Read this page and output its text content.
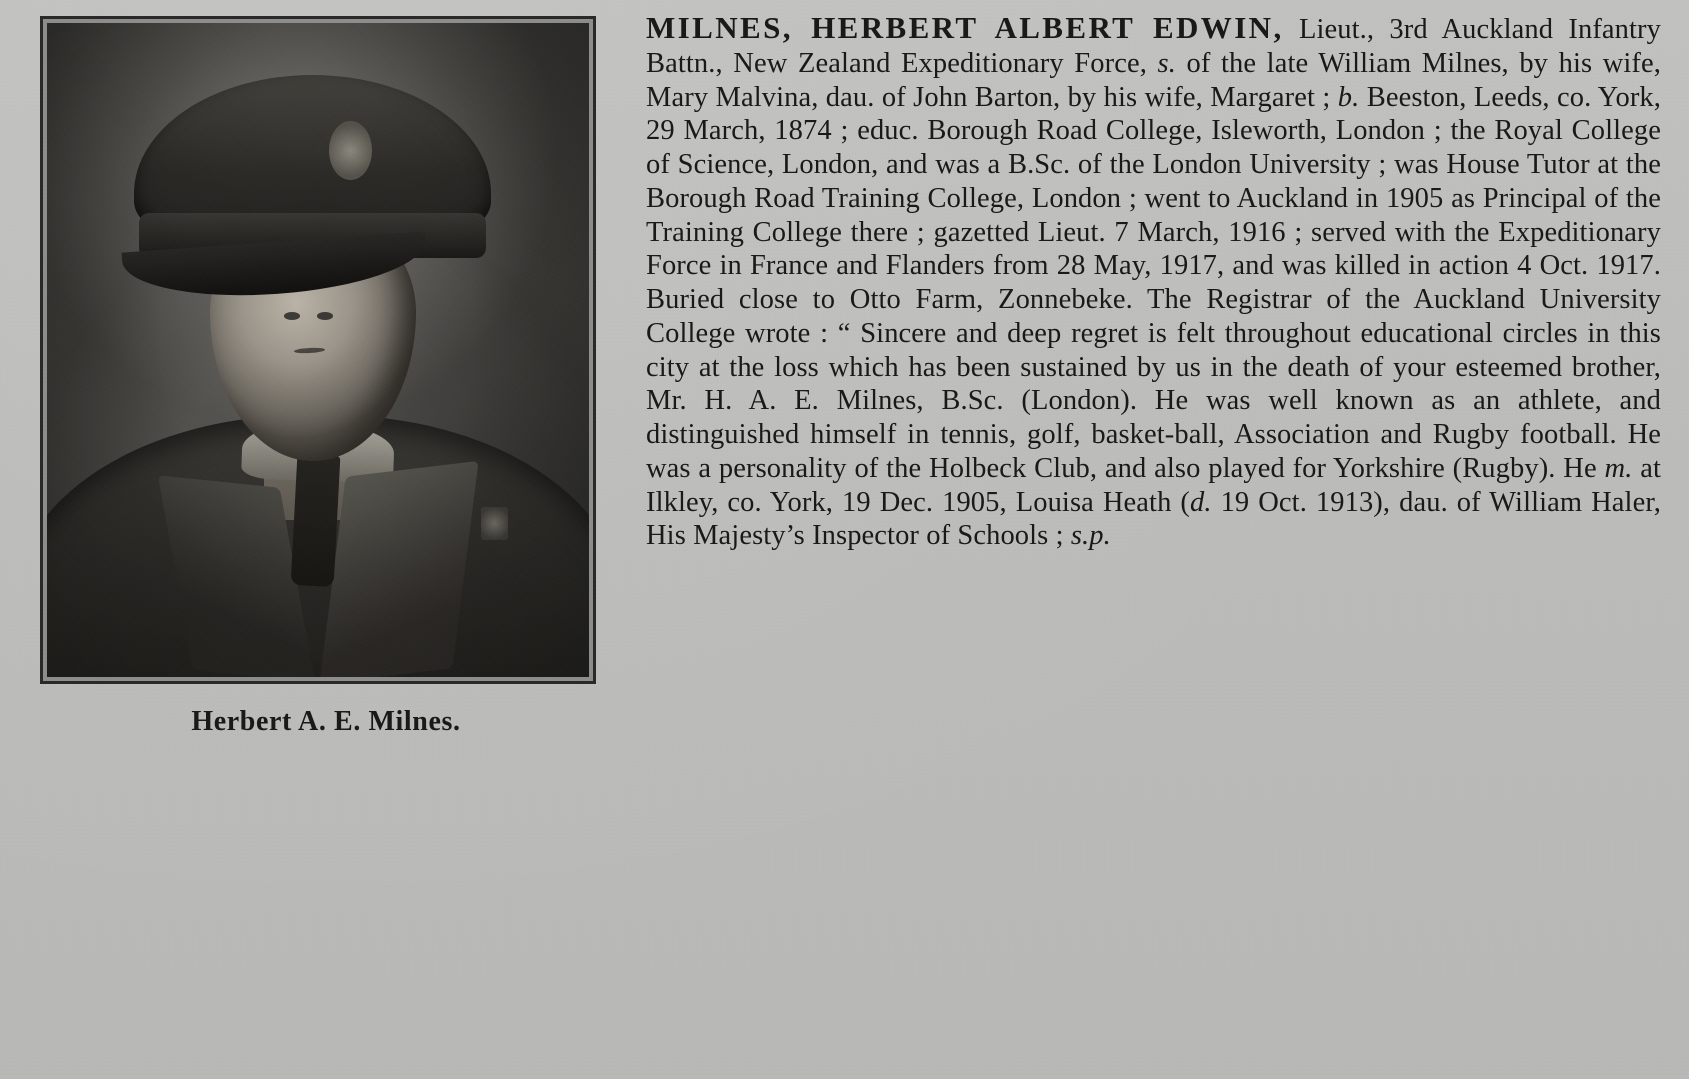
Herbert A. E. Milnes.
MILNES, HERBERT ALBERT EDWIN, Lieut., 3rd Auckland Infantry Battn., New Zealand Expeditionary Force, s. of the late William Milnes, by his wife, Mary Malvina, dau. of John Barton, by his wife, Margaret ; b. Beeston, Leeds, co. York, 29 March, 1874 ; educ. Borough Road College, Isleworth, London ; the Royal College of Science, London, and was a B.Sc. of the London University ; was House Tutor at the Borough Road Training College, London ; went to Auckland in 1905 as Principal of the Training College there ; gazetted Lieut. 7 March, 1916 ; served with the Expeditionary Force in France and Flanders from 28 May, 1917, and was killed in action 4 Oct. 1917. Buried close to Otto Farm, Zonnebeke. The Registrar of the Auckland University College wrote : “ Sincere and deep regret is felt throughout educational circles in this city at the loss which has been sustained by us in the death of your esteemed brother, Mr. H. A. E. Milnes, B.Sc. (London). He was well known as an athlete, and distinguished himself in tennis, golf, basket-ball, Association and Rugby football. He was a personality of the Holbeck Club, and also played for Yorkshire (Rugby). He m. at Ilkley, co. York, 19 Dec. 1905, Louisa Heath (d. 19 Oct. 1913), dau. of William Haler, His Majesty’s Inspector of Schools ; s.p.
